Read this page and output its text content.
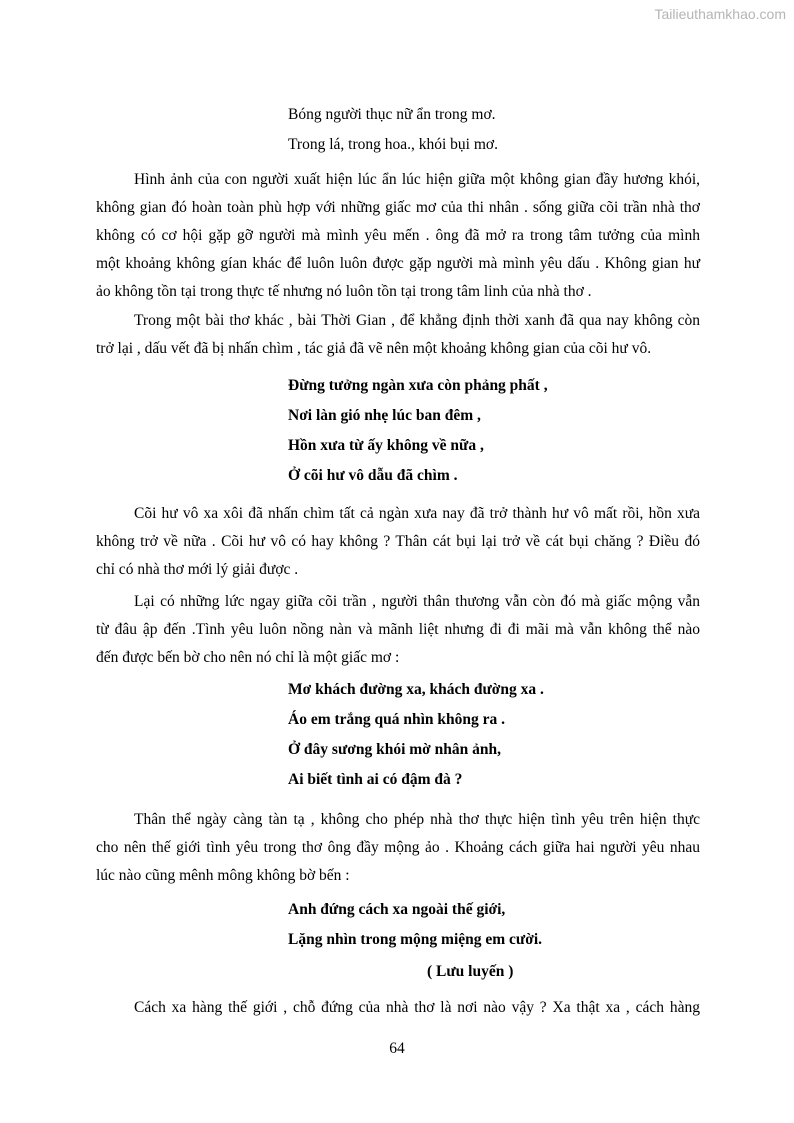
Tailieuthamkhao.com
Bóng người thục nữ ẩn trong mơ.
Trong lá, trong hoa., khói bụi mơ.

Hình ảnh của con người xuất hiện lúc ẩn lúc hiện giữa một không gian đầy hương khói,

không gian đó hoàn toàn phù hợp với những giấc mơ của thi nhân . sống giữa cõi trần nhà thơ

không có cơ hội gặp gỡ người mà mình yêu mến . ông đã mở ra trong tâm tưởng của mình

một khoảng không gían khác để luôn luôn được gặp người mà mình yêu dấu . Không gian hư

ảo không tồn tại trong thực tế nhưng nó luôn tồn tại trong tâm linh của nhà thơ .

Trong một bài thơ khác , bài Thời Gian , để khẳng định thời xanh đã qua nay không còn

trở lại , dấu vết đã bị nhấn chìm , tác giả đã vẽ nên một khoảng không gian của cõi hư vô.

Đừng tưởng ngàn xưa còn phảng phất ,
Nơi làn gió nhẹ lúc ban đêm ,
Hồn xưa từ ấy không về nữa ,
Ở cõi hư vô dẫu đã chìm .

Cõi hư vô xa xôi đã nhấn chìm tất cả ngàn xưa nay đã trở thành hư vô mất rồi, hồn xưa

không trở về nữa . Cõi hư vô có hay không ? Thân cát bụi lại trở về cát bụi chăng ? Điều đó

chỉ có nhà thơ mới lý giải được .

Lại có những lức ngay giữa cõi trần , người thân thương vẫn còn đó mà giấc mộng vẫn

từ đâu ập đến .Tình yêu luôn nồng nàn và mãnh liệt nhưng đi đi mãi mà vẫn không thể nào

đến được bến bờ cho nên nó chỉ là một giấc mơ :

Mơ khách đường xa, khách đường xa .
Áo em trắng quá nhìn không ra .
Ở đây sương khói mờ nhân ảnh,
Ai biết tình ai có đậm đà ?

Thân thể ngày càng tàn tạ , không cho phép nhà thơ thực hiện tình yêu trên hiện thực

cho nên thế giới tình yêu trong thơ ông đầy mộng ảo . Khoảng cách giữa hai người yêu nhau

lúc nào cũng mênh mông không bờ bến :

Anh đứng cách xa ngoài thế giới,
Lặng nhìn trong mộng miệng em cười.
( Lưu luyến )

Cách xa hàng thế giới , chỗ đứng của nhà thơ là nơi nào vậy ? Xa thật xa , cách hàng

64
